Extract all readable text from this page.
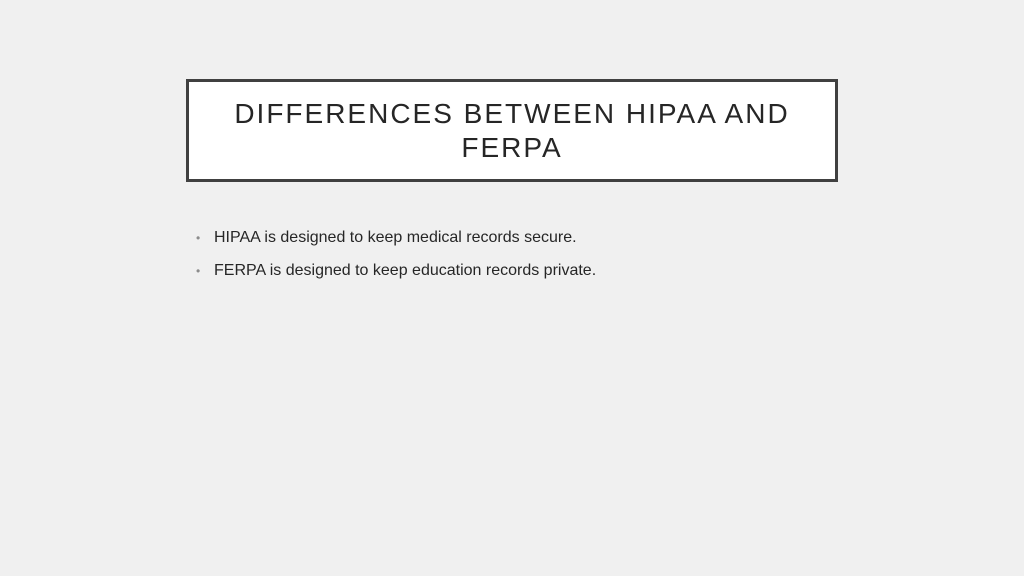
DIFFERENCES BETWEEN HIPAA AND FERPA
• HIPAA is designed to keep medical records secure.
• FERPA is designed to keep education records private.
